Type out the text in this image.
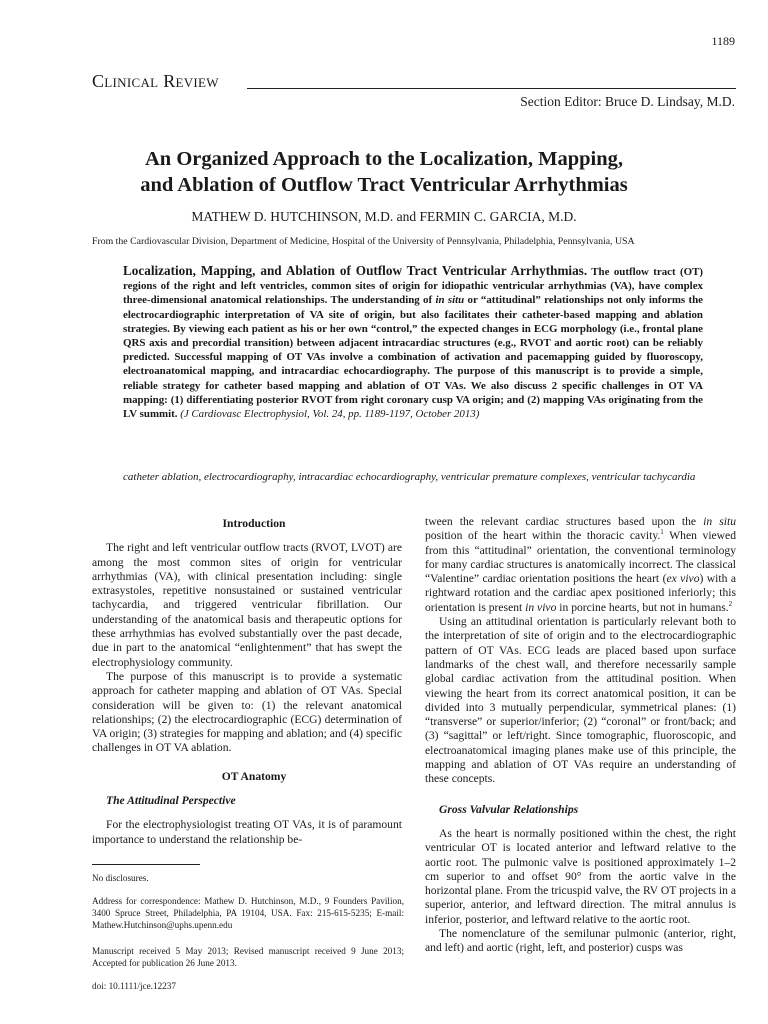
1189
Clinical Review
Section Editor: Bruce D. Lindsay, M.D.
An Organized Approach to the Localization, Mapping,
and Ablation of Outflow Tract Ventricular Arrhythmias
MATHEW D. HUTCHINSON, M.D. and FERMIN C. GARCIA, M.D.
From the Cardiovascular Division, Department of Medicine, Hospital of the University of Pennsylvania, Philadelphia, Pennsylvania, USA
Localization, Mapping, and Ablation of Outflow Tract Ventricular Arrhythmias. The outflow tract (OT) regions of the right and left ventricles, common sites of origin for idiopathic ventricular arrhythmias (VA), have complex three-dimensional anatomical relationships. The understanding of in situ or “attitudinal” relationships not only informs the electrocardiographic interpretation of VA site of origin, but also facilitates their catheter-based mapping and ablation strategies. By viewing each patient as his or her own “control,” the expected changes in ECG morphology (i.e., frontal plane QRS axis and precordial transition) between adjacent intracardiac structures (e.g., RVOT and aortic root) can be reliably predicted. Successful mapping of OT VAs involve a combination of activation and pacemapping guided by fluoroscopy, electroanatomical mapping, and intracardiac echocardiography. The purpose of this manuscript is to provide a simple, reliable strategy for catheter based mapping and ablation of OT VAs. We also discuss 2 specific challenges in OT VA mapping: (1) differentiating posterior RVOT from right coronary cusp VA origin; and (2) mapping VAs originating from the LV summit. (J Cardiovasc Electrophysiol, Vol. 24, pp. 1189-1197, October 2013)
catheter ablation, electrocardiography, intracardiac echocardiography, ventricular premature complexes, ventricular tachycardia

Introduction

The right and left ventricular outflow tracts (RVOT, LVOT) are among the most common sites of origin for ventricular arrhythmias (VA), with clinical presentation including: single extrasystoles, repetitive nonsustained or sustained ventricular tachycardia, and triggered ventricular fibrillation. Our understanding of the anatomical basis and therapeutic options for these arrhythmias has evolved substantially over the past decade, due in part to the anatomical “enlightenment” that has swept the electrophysiology community.

The purpose of this manuscript is to provide a systematic approach for catheter mapping and ablation of OT VAs. Special consideration will be given to: (1) the relevant anatomical relationships; (2) the electrocardiographic (ECG) determination of VA origin; (3) strategies for mapping and ablation; and (4) specific challenges in OT VA ablation.

OT Anatomy

The Attitudinal Perspective

For the electrophysiologist treating OT VAs, it is of paramount importance to understand the relationship be-

No disclosures.
Address for correspondence: Mathew D. Hutchinson, M.D., 9 Founders Pavilion, 3400 Spruce Street, Philadelphia, PA 19104, USA. Fax: 215-615-5235; E-mail: Mathew.Hutchinson@uphs.upenn.edu
Manuscript received 5 May 2013; Revised manuscript received 9 June 2013; Accepted for publication 26 June 2013.
doi: 10.1111/jce.12237

tween the relevant cardiac structures based upon the in situ position of the heart within the thoracic cavity.$^1$ When viewed from this “attitudinal” orientation, the conventional terminology for many cardiac structures is anatomically incorrect. The classical “Valentine” cardiac orientation positions the heart (ex vivo) with a rightward rotation and the cardiac apex positioned inferiorly; this orientation is present in vivo in porcine hearts, but not in humans.$^2$

Using an attitudinal orientation is particularly relevant both to the interpretation of site of origin and to the electrocardiographic pattern of OT VAs. ECG leads are placed based upon surface landmarks of the chest wall, and therefore necessarily sample global cardiac activation from the attitudinal position. When viewing the heart from its correct anatomical position, it can be divided into 3 mutually perpendicular, symmetrical planes: (1) “transverse” or superior/inferior; (2) “coronal” or front/back; and (3) “sagittal” or left/right. Since tomographic, fluoroscopic, and electroanatomical imaging planes make use of this principle, the mapping and ablation of OT VAs require an understanding of these concepts.

Gross Valvular Relationships

As the heart is normally positioned within the chest, the right ventricular OT is located anterior and leftward relative to the aortic root. The pulmonic valve is positioned approximately 1–2 cm superior to and offset 90° from the aortic valve in the horizontal plane. From the tricuspid valve, the RV OT projects in a superior, anterior, and leftward direction. The mitral annulus is inferior, posterior, and leftward relative to the aortic root.

The nomenclature of the semilunar pulmonic (anterior, right, and left) and aortic (right, left, and posterior) cusps was
